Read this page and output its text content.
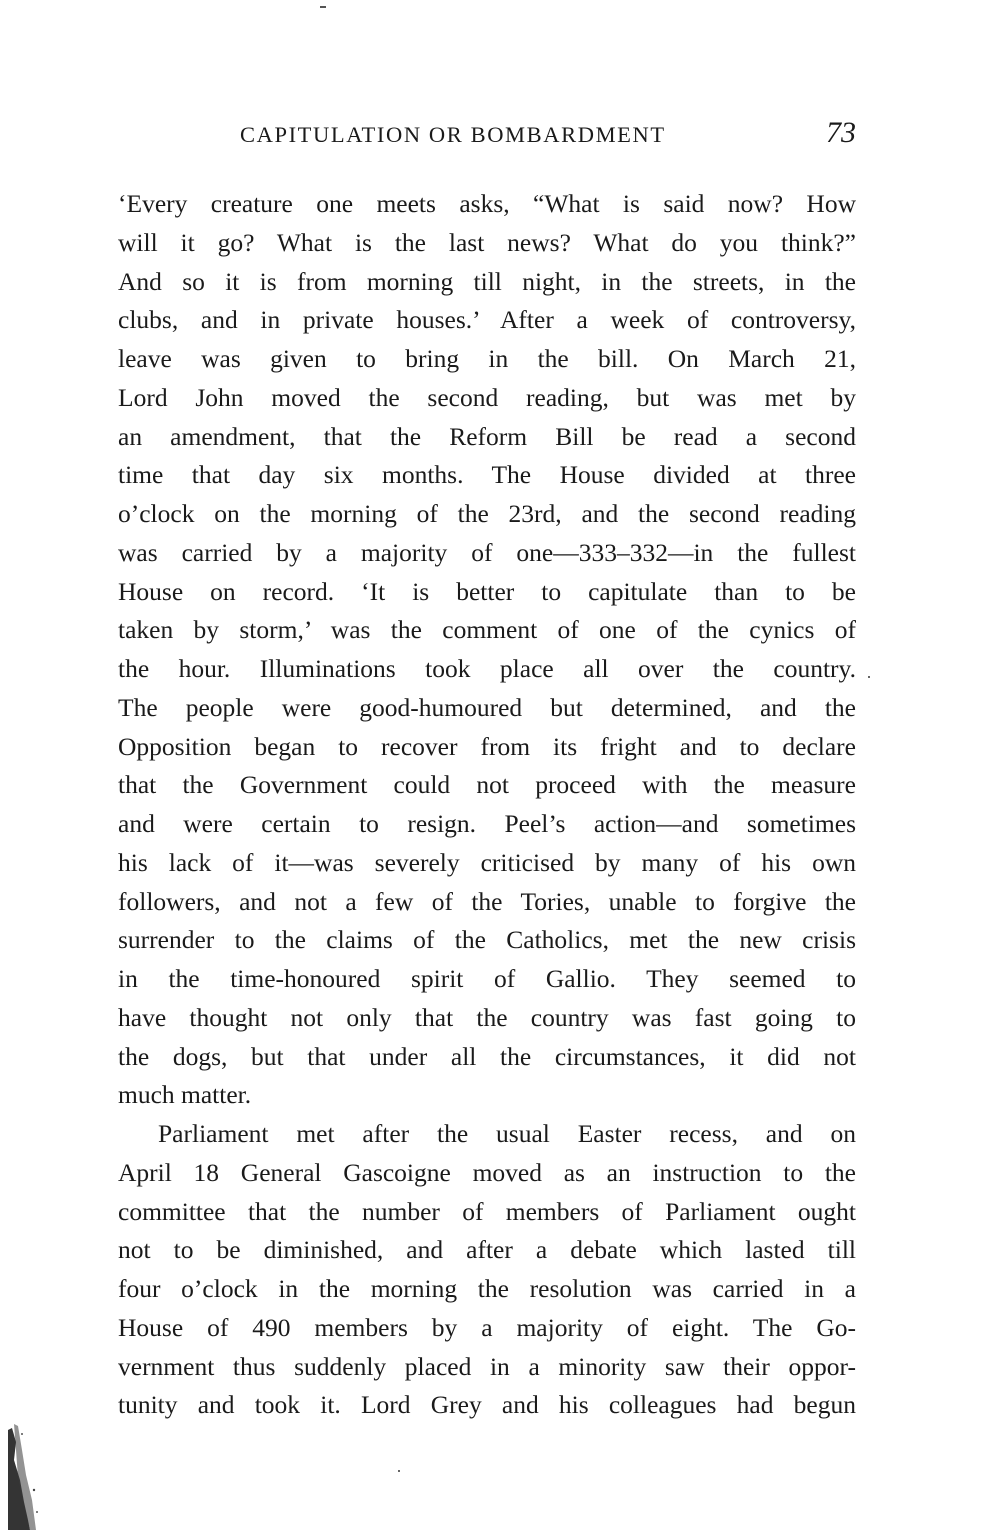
CAPITULATION OR BOMBARDMENT	73
‘Every creature one meets asks, “What is said now? How
will it go? What is the last news? What do you think?”
And so it is from morning till night, in the streets, in the
clubs, and in private houses.’ After a week of controversy,
leave was given to bring in the bill. On March 21,
Lord John moved the second reading, but was met by
an amendment, that the Reform Bill be read a second
time that day six months. The House divided at three
o’clock on the morning of the 23rd, and the second reading
was carried by a majority of one—333–332—in the fullest
House on record. ‘It is better to capitulate than to be
taken by storm,’ was the comment of one of the cynics of
the hour. Illuminations took place all over the country.
The people were good-humoured but determined, and the
Opposition began to recover from its fright and to declare
that the Government could not proceed with the measure
and were certain to resign. Peel’s action—and sometimes
his lack of it—was severely criticised by many of his own
followers, and not a few of the Tories, unable to forgive the
surrender to the claims of the Catholics, met the new crisis
in the time-honoured spirit of Gallio. They seemed to
have thought not only that the country was fast going to
the dogs, but that under all the circumstances, it did not
much matter.
Parliament met after the usual Easter recess, and on
April 18 General Gascoigne moved as an instruction to the
committee that the number of members of Parliament ought
not to be diminished, and after a debate which lasted till
four o’clock in the morning the resolution was carried in a
House of 490 members by a majority of eight. The Go-
vernment thus suddenly placed in a minority saw their oppor-
tunity and took it. Lord Grey and his colleagues had begun
